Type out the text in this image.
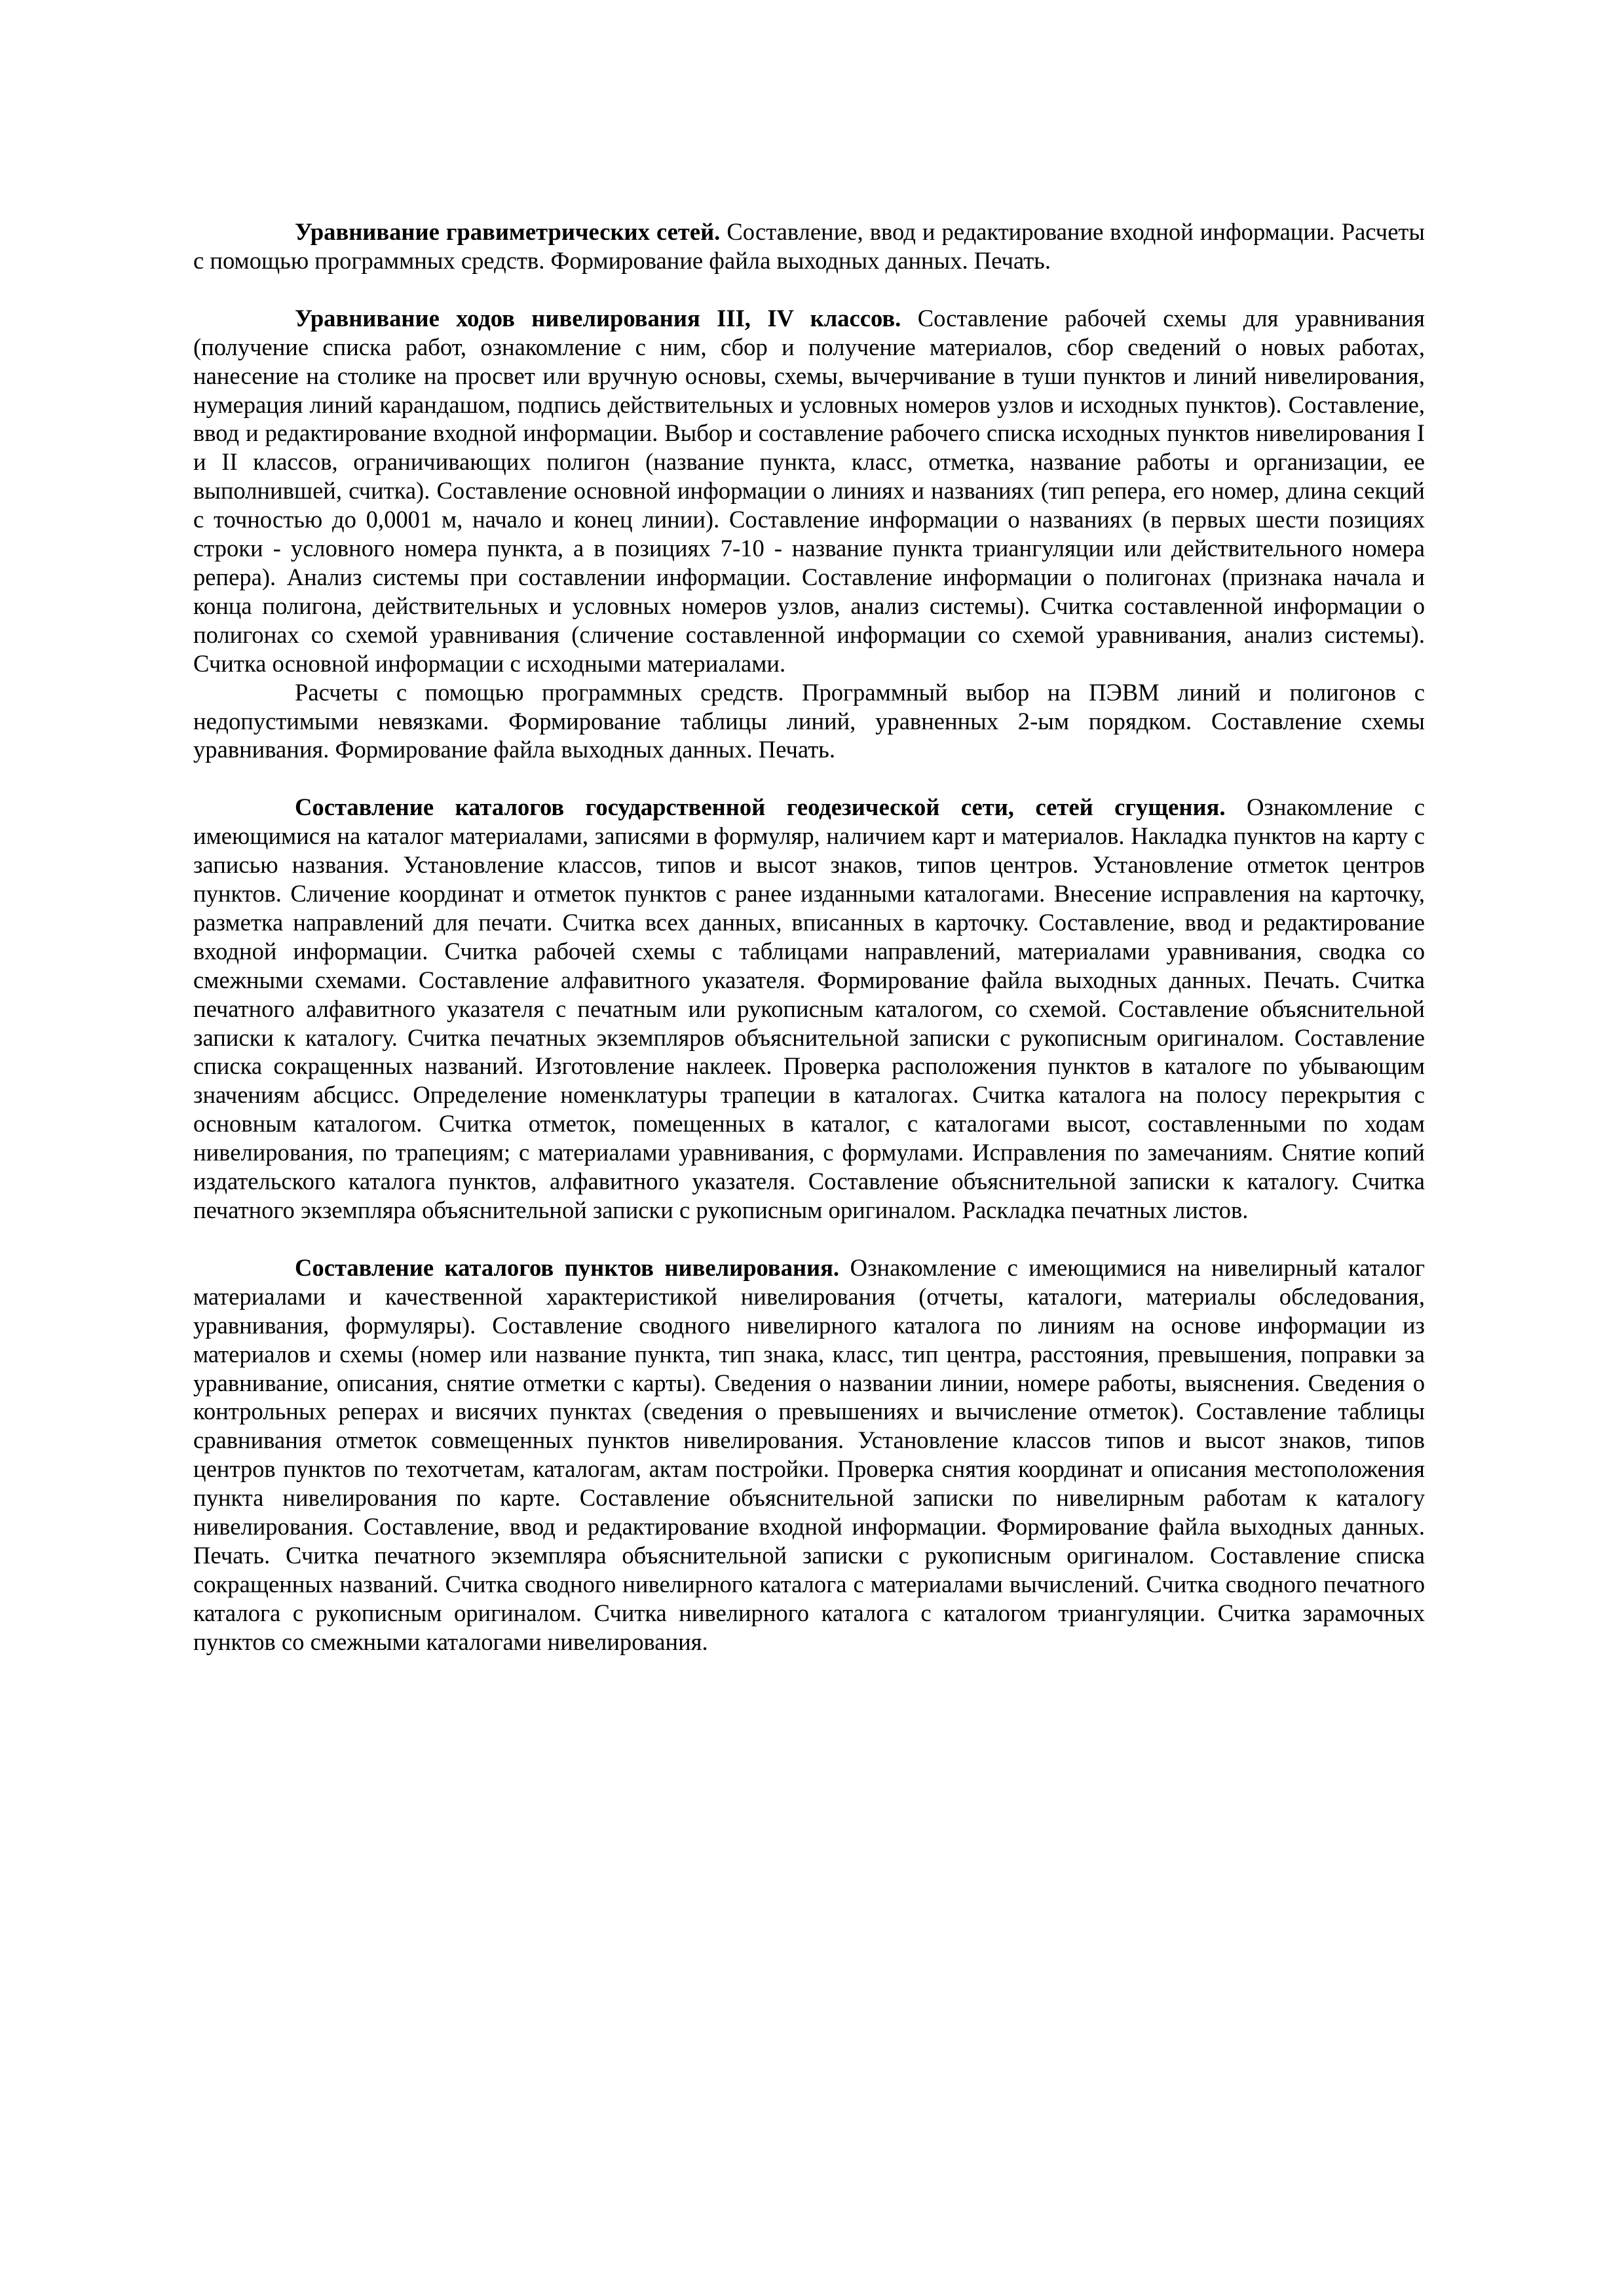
Уравнивание гравиметрических сетей. Составление, ввод и редактирование входной информации. Расчеты с помощью программных средств. Формирование файла выходных данных. Печать.

Уравнивание ходов нивелирования III, IV классов. Составление рабочей схемы для уравнивания (получение списка работ, ознакомление с ним, сбор и получение материалов, сбор сведений о новых работах, нанесение на столике на просвет или вручную основы, схемы, вычерчивание в туши пунктов и линий нивелирования, нумерация линий карандашом, подпись действительных и условных номеров узлов и исходных пунктов). Составление, ввод и редактирование входной информации. Выбор и составление рабочего списка исходных пунктов нивелирования I и II классов, ограничивающих полигон (название пункта, класс, отметка, название работы и организации, ее выполнившей, считка). Составление основной информации о линиях и названиях (тип репера, его номер, длина секций с точностью до 0,0001 м, начало и конец линии). Составление информации о названиях (в первых шести позициях строки - условного номера пункта, а в позициях 7-10 - название пункта триангуляции или действительного номера репера). Анализ системы при составлении информации. Составление информации о полигонах (признака начала и конца полигона, действительных и условных номеров узлов, анализ системы). Считка составленной информации о полигонах со схемой уравнивания (сличение составленной информации со схемой уравнивания, анализ системы). Считка основной информации с исходными материалами.

Расчеты с помощью программных средств. Программный выбор на ПЭВМ линий и полигонов с недопустимыми невязками. Формирование таблицы линий, уравненных 2-ым порядком. Составление схемы уравнивания. Формирование файла выходных данных. Печать.

Составление каталогов государственной геодезической сети, сетей сгущения. Ознакомление с имеющимися на каталог материалами, записями в формуляр, наличием карт и материалов. Накладка пунктов на карту с записью названия. Установление классов, типов и высот знаков, типов центров. Установление отметок центров пунктов. Сличение координат и отметок пунктов с ранее изданными каталогами. Внесение исправления на карточку, разметка направлений для печати. Считка всех данных, вписанных в карточку. Составление, ввод и редактирование входной информации. Считка рабочей схемы с таблицами направлений, материалами уравнивания, сводка со смежными схемами. Составление алфавитного указателя. Формирование файла выходных данных. Печать. Считка печатного алфавитного указателя с печатным или рукописным каталогом, со схемой. Составление объяснительной записки к каталогу. Считка печатных экземпляров объяснительной записки с рукописным оригиналом. Составление списка сокращенных названий. Изготовление наклеек. Проверка расположения пунктов в каталоге по убывающим значениям абсцисс. Определение номенклатуры трапеции в каталогах. Считка каталога на полосу перекрытия с основным каталогом. Считка отметок, помещенных в каталог, с каталогами высот, составленными по ходам нивелирования, по трапециям; с материалами уравнивания, с формулами. Исправления по замечаниям. Снятие копий издательского каталога пунктов, алфавитного указателя. Составление объяснительной записки к каталогу. Считка печатного экземпляра объяснительной записки с рукописным оригиналом. Раскладка печатных листов.

Составление каталогов пунктов нивелирования. Ознакомление с имеющимися на нивелирный каталог материалами и качественной характеристикой нивелирования (отчеты, каталоги, материалы обследования, уравнивания, формуляры). Составление сводного нивелирного каталога по линиям на основе информации из материалов и схемы (номер или название пункта, тип знака, класс, тип центра, расстояния, превышения, поправки за уравнивание, описания, снятие отметки с карты). Сведения о названии линии, номере работы, выяснения. Сведения о контрольных реперах и висячих пунктах (сведения о превышениях и вычисление отметок). Составление таблицы сравнивания отметок совмещенных пунктов нивелирования. Установление классов типов и высот знаков, типов центров пунктов по техотчетам, каталогам, актам постройки. Проверка снятия координат и описания местоположения пункта нивелирования по карте. Составление объяснительной записки по нивелирным работам к каталогу нивелирования. Составление, ввод и редактирование входной информации. Формирование файла выходных данных. Печать. Считка печатного экземпляра объяснительной записки с рукописным оригиналом. Составление списка сокращенных названий. Считка сводного нивелирного каталога с материалами вычислений. Считка сводного печатного каталога с рукописным оригиналом. Считка нивелирного каталога с каталогом триангуляции. Считка зарамочных пунктов со смежными каталогами нивелирования.
